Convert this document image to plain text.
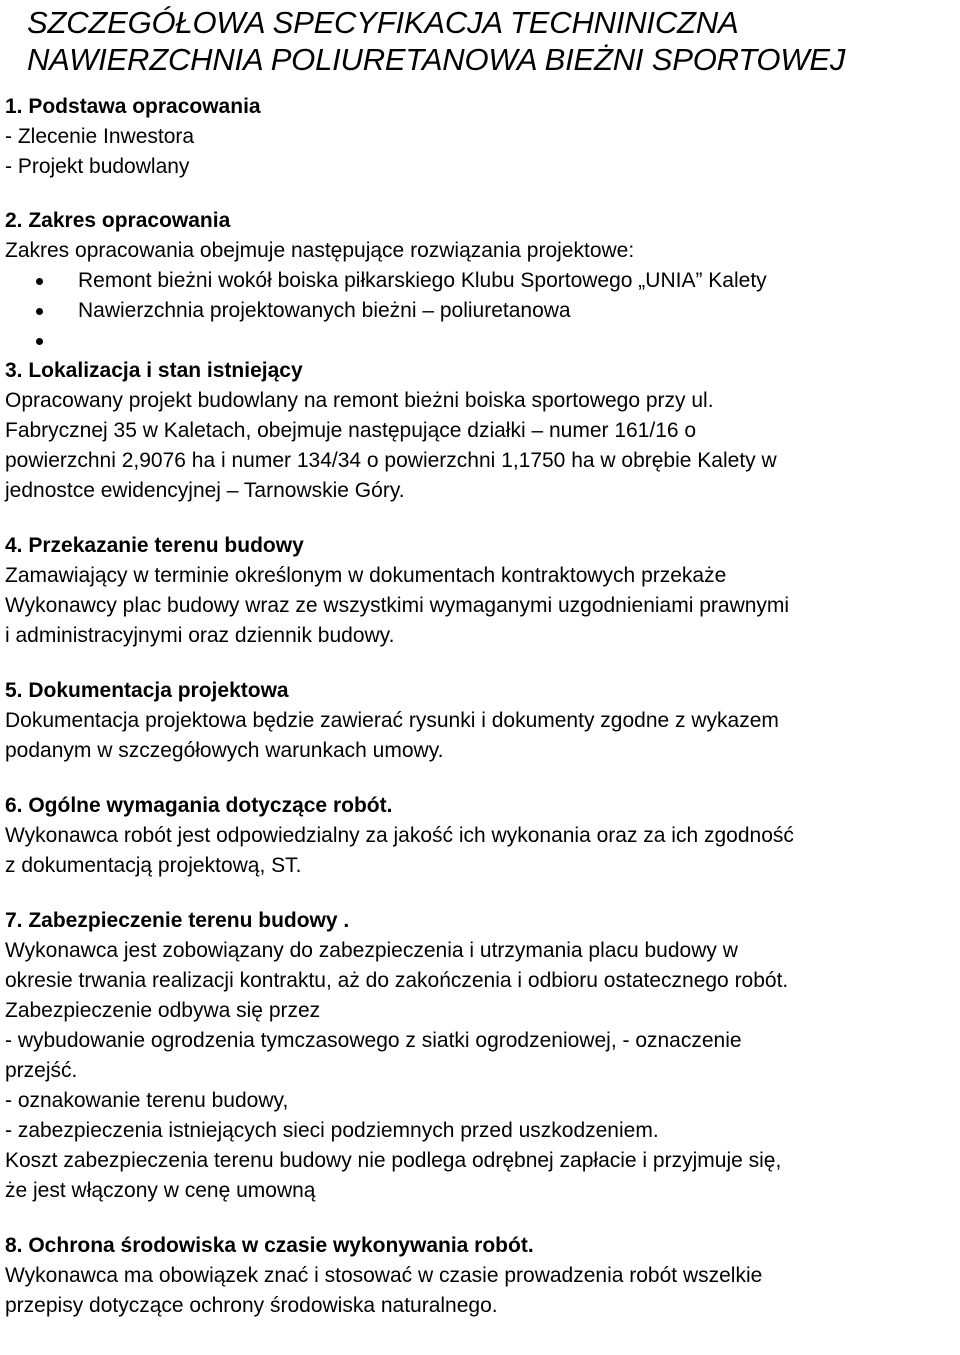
SZCZEGÓŁOWA SPECYFIKACJA TECHNINICZNA
NAWIERZCHNIA POLIURETANOWA BIEŻNI SPORTOWEJ
1. Podstawa opracowania
- Zlecenie Inwestora
- Projekt budowlany
2. Zakres opracowania
Zakres opracowania obejmuje następujące rozwiązania projektowe:
Remont bieżni wokół boiska piłkarskiego Klubu Sportowego „UNIA” Kalety
Nawierzchnia projektowanych bieżni – poliuretanowa
3. Lokalizacja i stan istniejący
Opracowany projekt budowlany na remont bieżni boiska sportowego przy ul.
Fabrycznej 35 w Kaletach, obejmuje następujące działki – numer 161/16 o
powierzchni 2,9076 ha i numer 134/34 o powierzchni 1,1750 ha w obrębie Kalety w
jednostce ewidencyjnej – Tarnowskie Góry.
4. Przekazanie terenu budowy
Zamawiający w terminie określonym w dokumentach kontraktowych przekaże
Wykonawcy plac budowy wraz ze wszystkimi wymaganymi uzgodnieniami prawnymi
i administracyjnymi oraz dziennik budowy.
5. Dokumentacja projektowa
Dokumentacja projektowa będzie zawierać rysunki i dokumenty zgodne z wykazem
podanym w szczegółowych warunkach umowy.
6. Ogólne wymagania dotyczące robót.
Wykonawca robót jest odpowiedzialny za jakość ich wykonania oraz za ich zgodność
z dokumentacją projektową, ST.
7. Zabezpieczenie terenu budowy .
Wykonawca jest zobowiązany do zabezpieczenia i utrzymania placu budowy w
okresie trwania realizacji kontraktu, aż do zakończenia i odbioru ostatecznego robót.
Zabezpieczenie odbywa się przez
- wybudowanie ogrodzenia tymczasowego z siatki ogrodzeniowej, - oznaczenie
przejść.
- oznakowanie terenu budowy,
- zabezpieczenia istniejących sieci podziemnych przed uszkodzeniem.
Koszt zabezpieczenia terenu budowy nie podlega odrębnej zapłacie i przyjmuje się,
że jest włączony w cenę umowną
8. Ochrona środowiska w czasie wykonywania robót.
Wykonawca ma obowiązek znać i stosować w czasie prowadzenia robót wszelkie
przepisy dotyczące ochrony środowiska naturalnego.
